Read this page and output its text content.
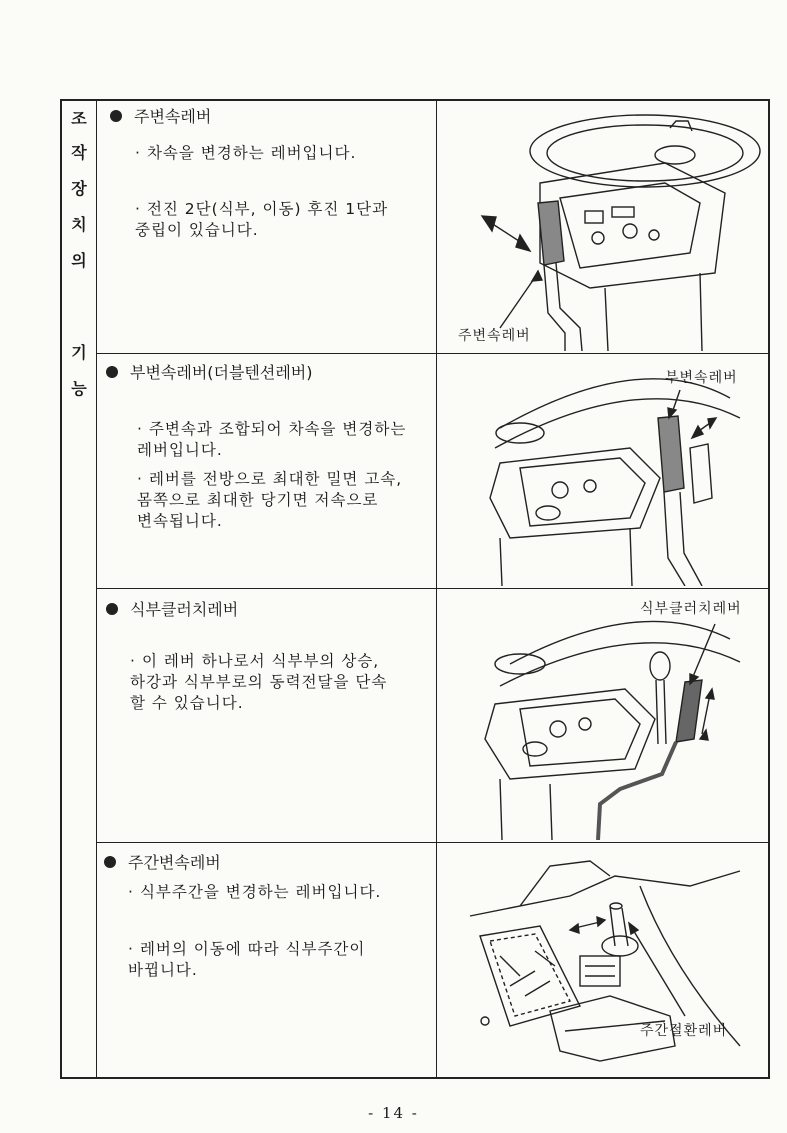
조
작
장
치
의
기
능
주변속레버
· 차속을 변경하는 레버입니다.

· 전진 2단(식부, 이동) 후진 1단과
중립이 있습니다.

주변속레버
부변속레버(더블텐션레버)

· 주변속과 조합되어 차속을 변경하는
레버입니다.

· 레버를 전방으로 최대한 밀면 고속,
몸쪽으로 최대한 당기면 저속으로
변속됩니다.

부변속레버
식부클러치레버

· 이 레버 하나로서 식부부의 상승,
하강과 식부부로의 동력전달을 단속
할 수 있습니다.

식부클러치레버
주간변속레버
· 식부주간을 변경하는 레버입니다.

· 레버의 이동에 따라 식부주간이
바뀝니다.

주간절환레버
- 14 -
